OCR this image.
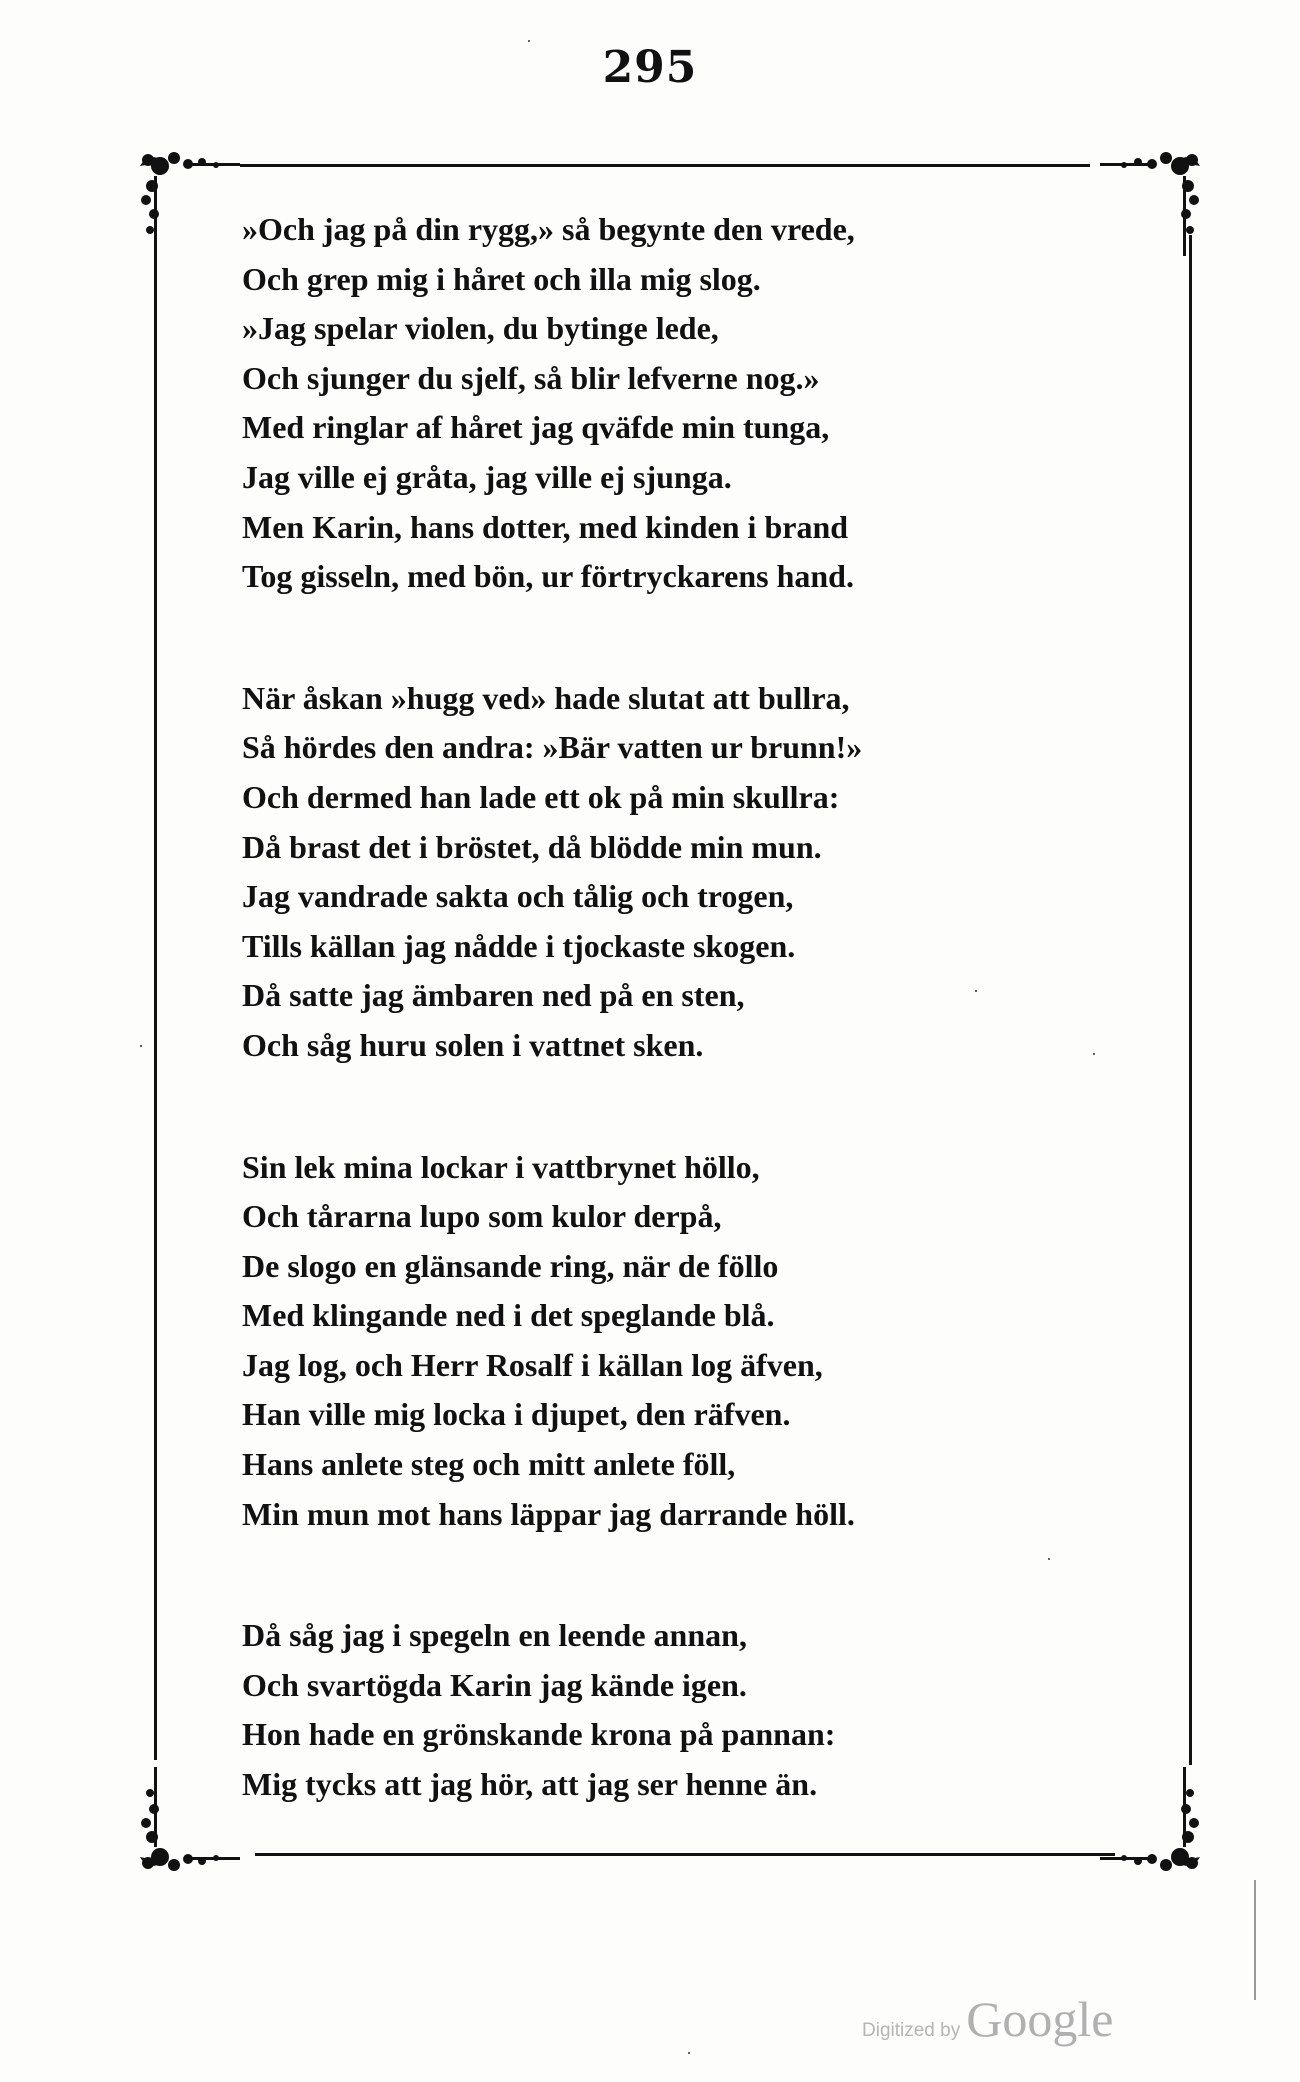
295
»Och jag på din rygg,» så begynte den vrede,
Och grep mig i håret och illa mig slog.
»Jag spelar violen, du bytinge lede,
Och sjunger du sjelf, så blir lefverne nog.»
Med ringlar af håret jag qväfde min tunga,
Jag ville ej gråta, jag ville ej sjunga.
Men Karin, hans dotter, med kinden i brand
Tog gisseln, med bön, ur förtryckarens hand.
När åskan »hugg ved» hade slutat att bullra,
Så hördes den andra: »Bär vatten ur brunn!»
Och dermed han lade ett ok på min skullra:
Då brast det i bröstet, då blödde min mun.
Jag vandrade sakta och tålig och trogen,
Tills källan jag nådde i tjockaste skogen.
Då satte jag ämbaren ned på en sten,
Och såg huru solen i vattnet sken.
Sin lek mina lockar i vattbrynet höllo,
Och tårarna lupo som kulor derpå,
De slogo en glänsande ring, när de föllo
Med klingande ned i det speglande blå.
Jag log, och Herr Rosalf i källan log äfven,
Han ville mig locka i djupet, den räfven.
Hans anlete steg och mitt anlete föll,
Min mun mot hans läppar jag darrande höll.
Då såg jag i spegeln en leende annan,
Och svartögda Karin jag kände igen.
Hon hade en grönskande krona på pannan:
Mig tycks att jag hör, att jag ser henne än.
Digitized by Google
